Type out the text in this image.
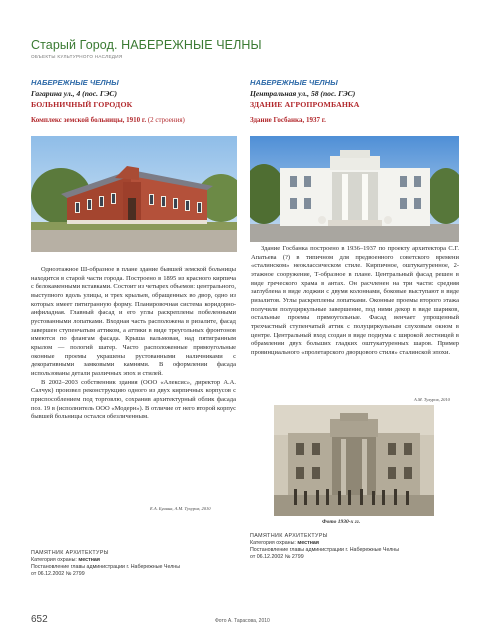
Старый Город. НАБЕРЕЖНЫЕ ЧЕЛНЫ
ОБЪЕКТЫ КУЛЬТУРНОГО НАСЛЕДИЯ
НАБЕРЕЖНЫЕ ЧЕЛНЫ
Гагарина ул., 4 (пос. ГЭС)
БОЛЬНИЧНЫЙ ГОРОДОК
Комплекс земской больницы, 1910 г. (2 строения)
НАБЕРЕЖНЫЕ ЧЕЛНЫ
Центральная ул., 58 (пос. ГЭС)
ЗДАНИЕ АГРОПРОМБАНКА
Здание Госбанка, 1937 г.

Одноэтажное Ш-образное в плане здание бывшей земской больницы находится в старой части города. Построено в 1895 из красного кирпича с белокаменными вставками. Состоит из четырех объемов: центрального, выступного вдоль улицы, и трех крыльев, обращенных во двор, одно из которых имеет пятигранную форму. Планировочная система коридорно-анфиладная. Главный фасад и его углы раскреплены побеленными рустованными лопатками. Входная часть расположена в ризалите, фасад завершен ступенчатым аттиком, а аттики в виде треугольных фронтонов имеются по флангам фасада. Крыша вальмовая, над пятигранным крылом — пологий шатер. Часто расположенные прямоугольные оконные проемы украшены рустованными наличниками с декоративными замковыми камнями. В оформлении фасада использованы детали различных эпох и стилей.

В 2002–2003 собственник здания (ООО «Алексис», директор А.А. Салчук) произвел реконструкцию одного из двух кирпичных корпусов с приспособлением под торговлю, сохранив архитектурный облик фасада поз. 19 в (исполнитель ООО «Модерн»). В отличие от него второй корпус бывшей больницы остался обезличенным.

Е.А. Бунина, А.М. Тухуров, 2010

Здание Госбанка построено в 1936–1937 по проекту архитектора С.Г. Апатьева (?) в типичном для предвоенного советского времени «сталинском» неоклассическом стиле. Кирпичное, оштукатуренное, 2-этажное сооружение, Т-образное в плане. Центральный фасад решен в виде греческого храма в антах. Он расчленен на три части: средняя заглублена в виде лоджии с двумя колоннами, боковые выступают в виде ризалитов. Углы раскреплены лопатками. Оконные проемы второго этажа получили полуциркульные завершение, под ними декор в виде шариков, остальные проемы прямоугольные. Фасад венчает упрощенный трехчастный ступенчатый аттик с полуциркульным слуховым окном в центре. Центральный вход создан в виде подиума с широкой лестницей в обрамлении двух больших гладких оштукатуренных шаров. Пример провинциального «пролетарского дворцового стиля» сталинской эпохи.

А.М. Тухуров, 2010
Фото 1930-х гг.
ПАМЯТНИК АРХИТЕКТУРЫ
Категория охраны: местная
Постановление главы администрации г. Набережные Челны
от 06.12.2002 № 2799
ПАМЯТНИК АРХИТЕКТУРЫ
Категория охраны: местная
Постановление главы администрации г. Набережные Челны
от 06.12.2002 № 2799
652	Фото А. Тарасова, 2010
